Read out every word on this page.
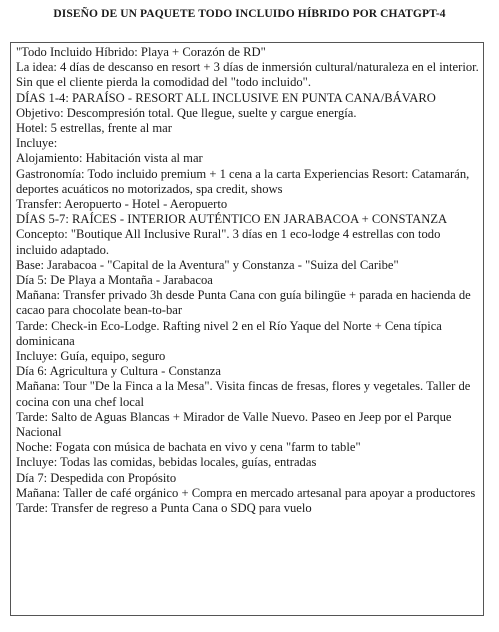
DISEÑO DE UN PAQUETE TODO INCLUIDO HÍBRIDO POR CHATGPT-4
"Todo Incluido Híbrido: Playa + Corazón de RD"
La idea: 4 días de descanso en resort + 3 días de inmersión cultural/naturaleza en el interior. Sin que el cliente pierda la comodidad del "todo incluido".
DÍAS 1-4: PARAÍSO - RESORT ALL INCLUSIVE EN PUNTA CANA/BÁVARO
Objetivo: Descompresión total. Que llegue, suelte y cargue energía.
Hotel: 5 estrellas, frente al mar
Incluye:
Alojamiento: Habitación vista al mar
Gastronomía: Todo incluido premium + 1 cena a la carta Experiencias Resort: Catamarán, deportes acuáticos no motorizados, spa credit, shows
Transfer: Aeropuerto - Hotel - Aeropuerto
DÍAS 5-7: RAÍCES - INTERIOR AUTÉNTICO EN JARABACOA + CONSTANZA
Concepto: "Boutique All Inclusive Rural". 3 días en 1 eco-lodge 4 estrellas con todo incluido adaptado.
Base: Jarabacoa - "Capital de la Aventura" y Constanza - "Suiza del Caribe"
Día 5: De Playa a Montaña - Jarabacoa
Mañana: Transfer privado 3h desde Punta Cana con guía bilingüe + parada en hacienda de cacao para chocolate bean-to-bar
Tarde: Check-in Eco-Lodge. Rafting nivel 2 en el Río Yaque del Norte + Cena típica dominicana
Incluye: Guía, equipo, seguro
Día 6: Agricultura y Cultura - Constanza
Mañana: Tour "De la Finca a la Mesa". Visita fincas de fresas, flores y vegetales. Taller de cocina con una chef local
Tarde: Salto de Aguas Blancas + Mirador de Valle Nuevo. Paseo en Jeep por el Parque Nacional
Noche: Fogata con música de bachata en vivo y cena "farm to table"
Incluye: Todas las comidas, bebidas locales, guías, entradas
Día 7: Despedida con Propósito
Mañana: Taller de café orgánico + Compra en mercado artesanal para apoyar a productores
Tarde: Transfer de regreso a Punta Cana o SDQ para vuelo
